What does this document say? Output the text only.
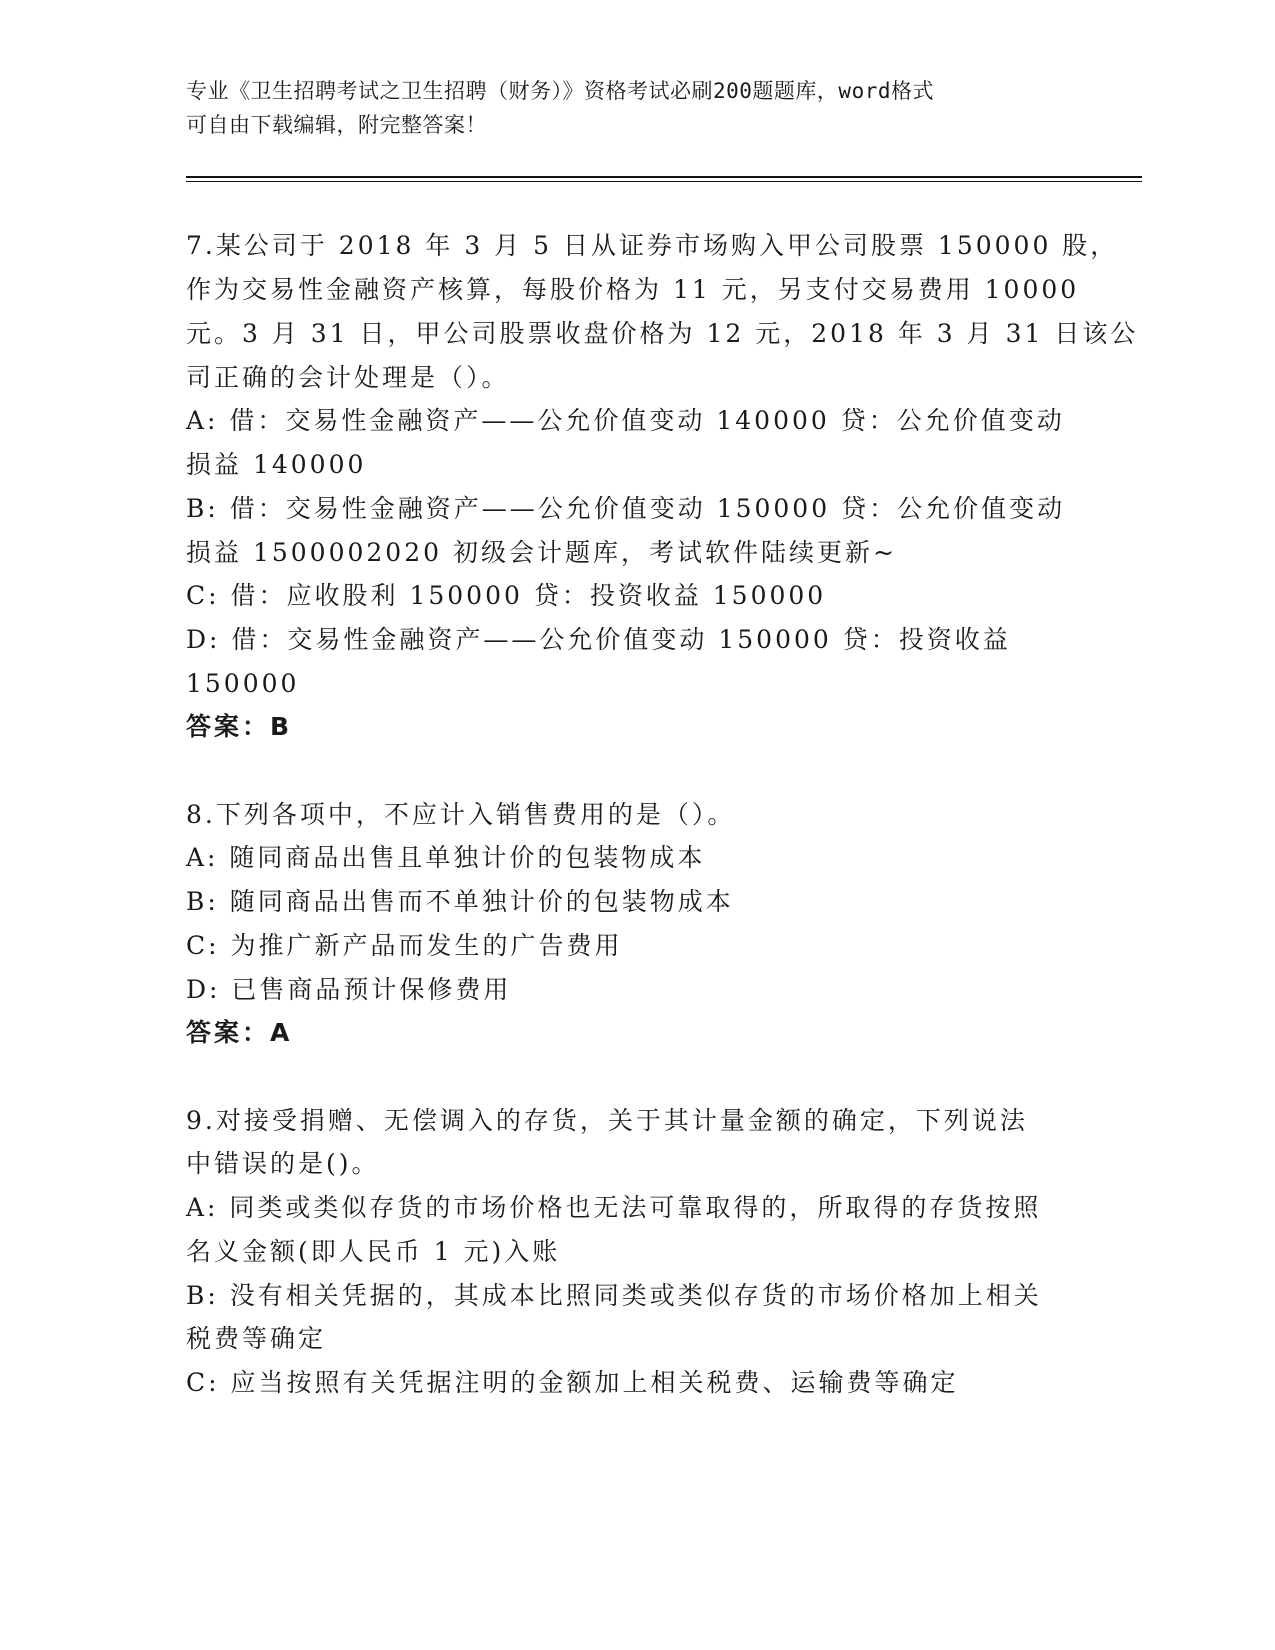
专业《卫生招聘考试之卫生招聘（财务）》资格考试必刷200题题库，word格式
可自由下载编辑，附完整答案！
7.某公司于 2018 年 3 月 5 日从证券市场购入甲公司股票 150000 股，
作为交易性金融资产核算，每股价格为 11 元，另支付交易费用 10000
元。3 月 31 日，甲公司股票收盘价格为 12 元，2018 年 3 月 31 日该公
司正确的会计处理是（）。
A: 借：交易性金融资产——公允价值变动 140000 贷：公允价值变动
损益 140000
B: 借：交易性金融资产——公允价值变动 150000 贷：公允价值变动
损益 1500002020 初级会计题库，考试软件陆续更新~
C: 借：应收股利 150000 贷：投资收益 150000
D: 借：交易性金融资产——公允价值变动 150000 贷：投资收益
150000
答案：B
8.下列各项中，不应计入销售费用的是（）。
A: 随同商品出售且单独计价的包装物成本
B: 随同商品出售而不单独计价的包装物成本
C: 为推广新产品而发生的广告费用
D: 已售商品预计保修费用
答案：A
9.对接受捐赠、无偿调入的存货，关于其计量金额的确定，下列说法
中错误的是()。
A: 同类或类似存货的市场价格也无法可靠取得的，所取得的存货按照
名义金额(即人民币 1 元)入账
B: 没有相关凭据的，其成本比照同类或类似存货的市场价格加上相关
税费等确定
C: 应当按照有关凭据注明的金额加上相关税费、运输费等确定
